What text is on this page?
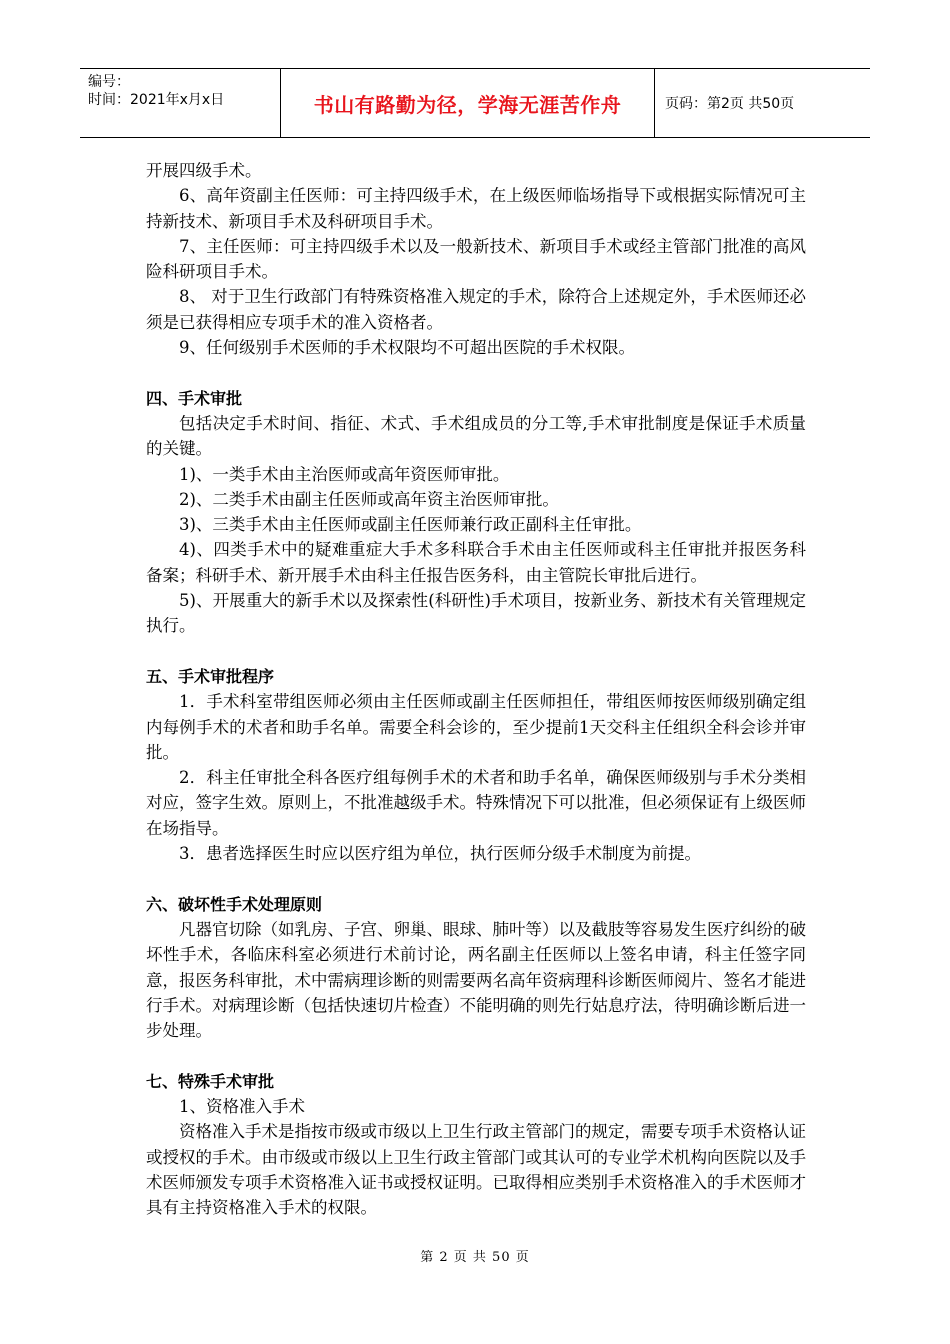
编号：
时间：2021年x月x日	书山有路勤为径，学海无涯苦作舟	页码：第2页 共50页

开展四级手术。

6、高年资副主任医师：可主持四级手术，在上级医师临场指导下或根据实际情况可主持新技术、新项目手术及科研项目手术。

7、主任医师：可主持四级手术以及一般新技术、新项目手术或经主管部门批准的高风险科研项目手术。

8、 对于卫生行政部门有特殊资格准入规定的手术，除符合上述规定外，手术医师还必须是已获得相应专项手术的准入资格者。

9、任何级别手术医师的手术权限均不可超出医院的手术权限。

四、手术审批

包括决定手术时间、指征、术式、手术组成员的分工等,手术审批制度是保证手术质量的关键。

1)、一类手术由主治医师或高年资医师审批。

2)、二类手术由副主任医师或高年资主治医师审批。

3)、三类手术由主任医师或副主任医师兼行政正副科主任审批。

4)、四类手术中的疑难重症大手术多科联合手术由主任医师或科主任审批并报医务科备案；科研手术、新开展手术由科主任报告医务科，由主管院长审批后进行。

5)、开展重大的新手术以及探索性(科研性)手术项目，按新业务、新技术有关管理规定执行。

五、手术审批程序

1．手术科室带组医师必须由主任医师或副主任医师担任，带组医师按医师级别确定组内每例手术的术者和助手名单。需要全科会诊的，至少提前1天交科主任组织全科会诊并审批。

2．科主任审批全科各医疗组每例手术的术者和助手名单，确保医师级别与手术分类相对应，签字生效。原则上，不批准越级手术。特殊情况下可以批准，但必须保证有上级医师在场指导。

3．患者选择医生时应以医疗组为单位，执行医师分级手术制度为前提。

六、破坏性手术处理原则

凡器官切除（如乳房、子宫、卵巢、眼球、肺叶等）以及截肢等容易发生医疗纠纷的破坏性手术，各临床科室必须进行术前讨论，两名副主任医师以上签名申请，科主任签字同意，报医务科审批，术中需病理诊断的则需要两名高年资病理科诊断医师阅片、签名才能进行手术。对病理诊断（包括快速切片检查）不能明确的则先行姑息疗法，待明确诊断后进一步处理。

七、特殊手术审批

1、资格准入手术

资格准入手术是指按市级或市级以上卫生行政主管部门的规定，需要专项手术资格认证或授权的手术。由市级或市级以上卫生行政主管部门或其认可的专业学术机构向医院以及手术医师颁发专项手术资格准入证书或授权证明。已取得相应类别手术资格准入的手术医师才具有主持资格准入手术的权限。

第 2 页 共 50 页
